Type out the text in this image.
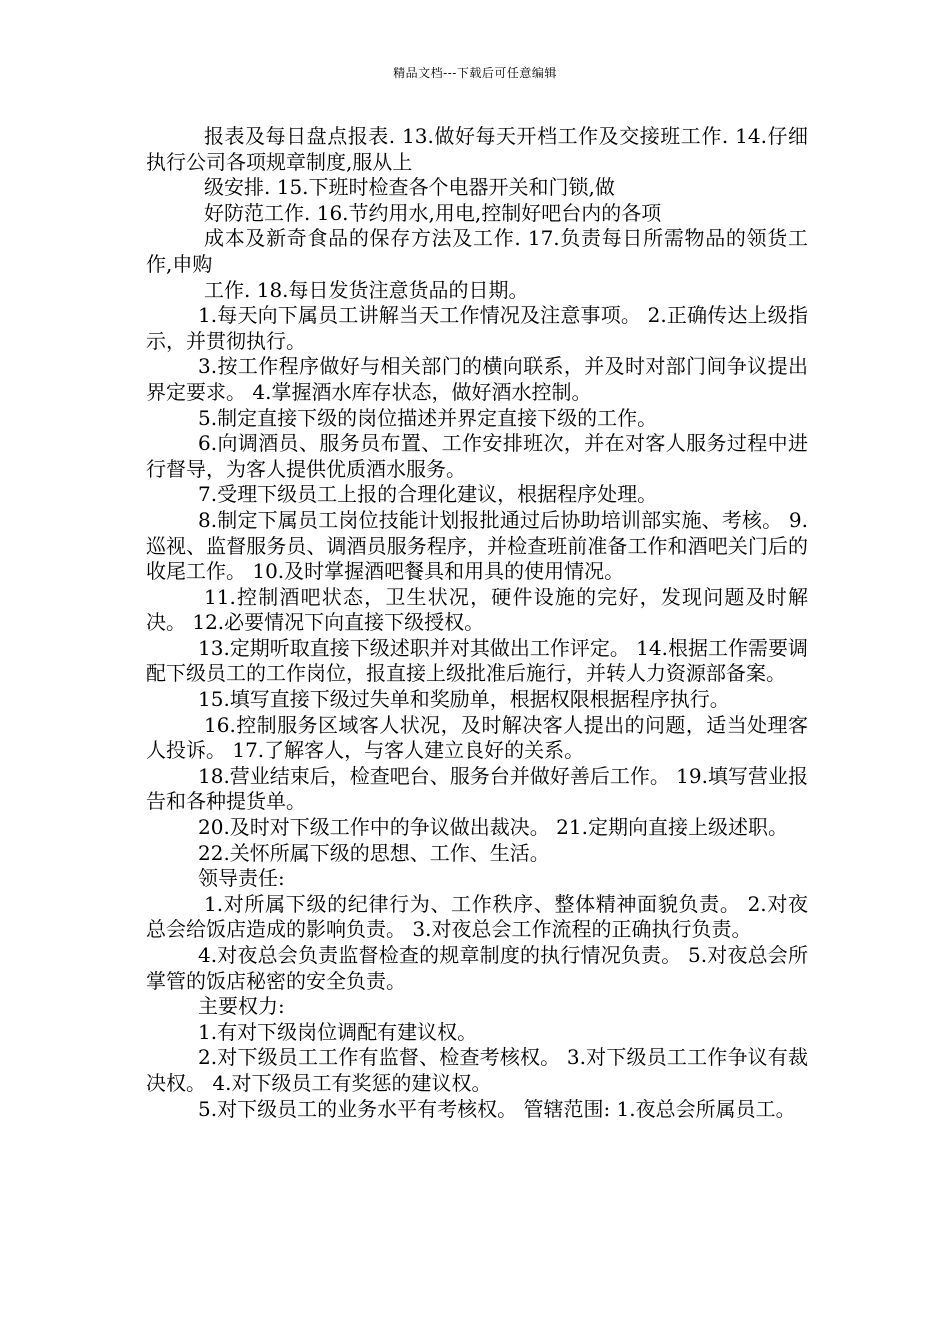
精品文档---下载后可任意编辑

报表及每日盘点报表. 13.做好每天开档工作及交接班工作. 14.仔细执行公司各项规章制度,服从上

级安排. 15.下班时检查各个电器开关和门锁,做

好防范工作. 16.节约用水,用电,控制好吧台内的各项

成本及新奇食品的保存方法及工作. 17.负责每日所需物品的领货工作,申购

工作. 18.每日发货注意货品的日期。

1.每天向下属员工讲解当天工作情况及注意事项。 2.正确传达上级指示，并贯彻执行。

3.按工作程序做好与相关部门的横向联系，并及时对部门间争议提出界定要求。 4.掌握酒水库存状态，做好酒水控制。

5.制定直接下级的岗位描述并界定直接下级的工作。

6.向调酒员、服务员布置、工作安排班次，并在对客人服务过程中进行督导，为客人提供优质酒水服务。

7.受理下级员工上报的合理化建议，根据程序处理。

8.制定下属员工岗位技能计划报批通过后协助培训部实施、考核。 9.巡视、监督服务员、调酒员服务程序，并检查班前准备工作和酒吧关门后的收尾工作。 10.及时掌握酒吧餐具和用具的使用情况。

11.控制酒吧状态，卫生状况，硬件设施的完好，发现问题及时解决。 12.必要情况下向直接下级授权。

13.定期听取直接下级述职并对其做出工作评定。 14.根据工作需要调配下级员工的工作岗位，报直接上级批准后施行，并转人力资源部备案。

15.填写直接下级过失单和奖励单，根据权限根据程序执行。

16.控制服务区域客人状况，及时解决客人提出的问题，适当处理客人投诉。 17.了解客人，与客人建立良好的关系。

18.营业结束后，检查吧台、服务台并做好善后工作。 19.填写营业报告和各种提货单。

20.及时对下级工作中的争议做出裁决。 21.定期向直接上级述职。

22.关怀所属下级的思想、工作、生活。

领导责任:

1.对所属下级的纪律行为、工作秩序、整体精神面貌负责。 2.对夜总会给饭店造成的影响负责。 3.对夜总会工作流程的正确执行负责。

4.对夜总会负责监督检查的规章制度的执行情况负责。 5.对夜总会所掌管的饭店秘密的安全负责。

主要权力:

1.有对下级岗位调配有建议权。

2.对下级员工工作有监督、检查考核权。 3.对下级员工工作争议有裁决权。 4.对下级员工有奖惩的建议权。

5.对下级员工的业务水平有考核权。 管辖范围: 1.夜总会所属员工。
